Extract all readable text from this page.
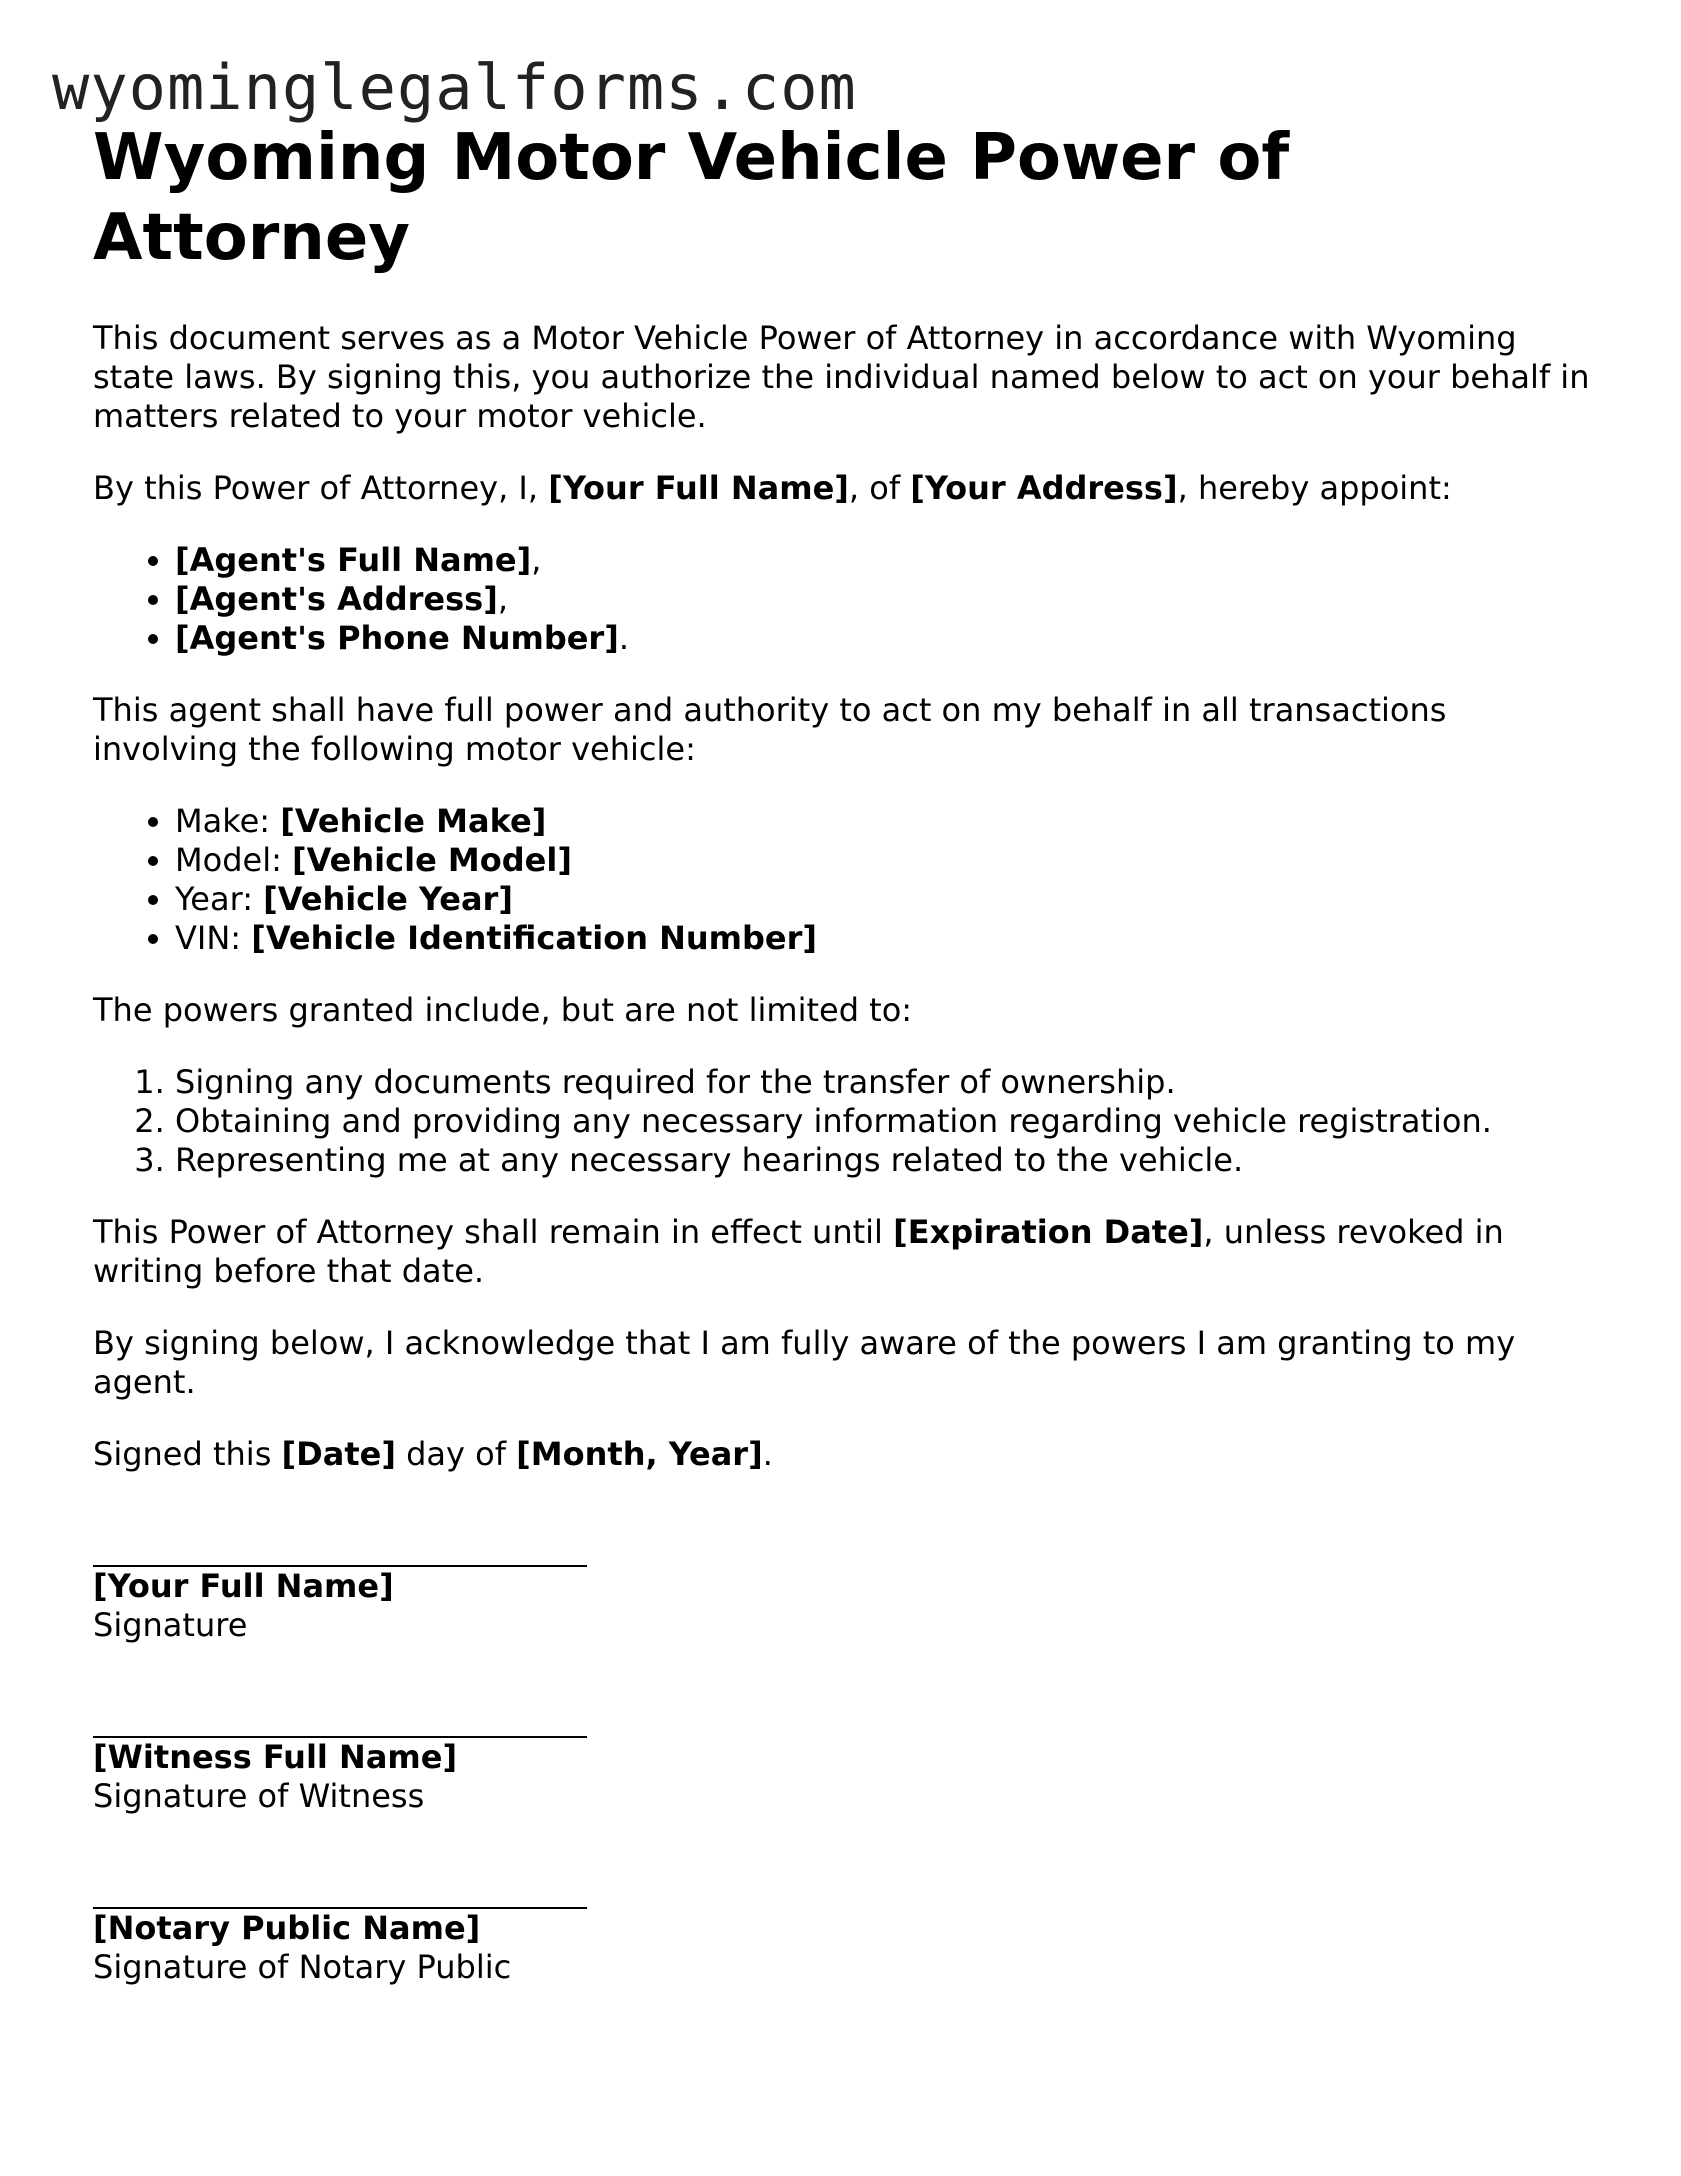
wyominglegalforms.com
Wyoming Motor Vehicle Power of Attorney

This document serves as a Motor Vehicle Power of Attorney in accordance with Wyoming state laws. By signing this, you authorize the individual named below to act on your behalf in matters related to your motor vehicle.

By this Power of Attorney, I, [Your Full Name], of [Your Address], hereby appoint:

• [Agent's Full Name],
• [Agent's Address],
• [Agent's Phone Number].

This agent shall have full power and authority to act on my behalf in all transactions involving the following motor vehicle:

• Make: [Vehicle Make]
• Model: [Vehicle Model]
• Year: [Vehicle Year]
• VIN: [Vehicle Identification Number]

The powers granted include, but are not limited to:

1. Signing any documents required for the transfer of ownership.
2. Obtaining and providing any necessary information regarding vehicle registration.
3. Representing me at any necessary hearings related to the vehicle.

This Power of Attorney shall remain in effect until [Expiration Date], unless revoked in writing before that date.

By signing below, I acknowledge that I am fully aware of the powers I am granting to my agent.

Signed this [Date] day of [Month, Year].

[Your Full Name]
Signature
[Witness Full Name]
Signature of Witness
[Notary Public Name]
Signature of Notary Public
